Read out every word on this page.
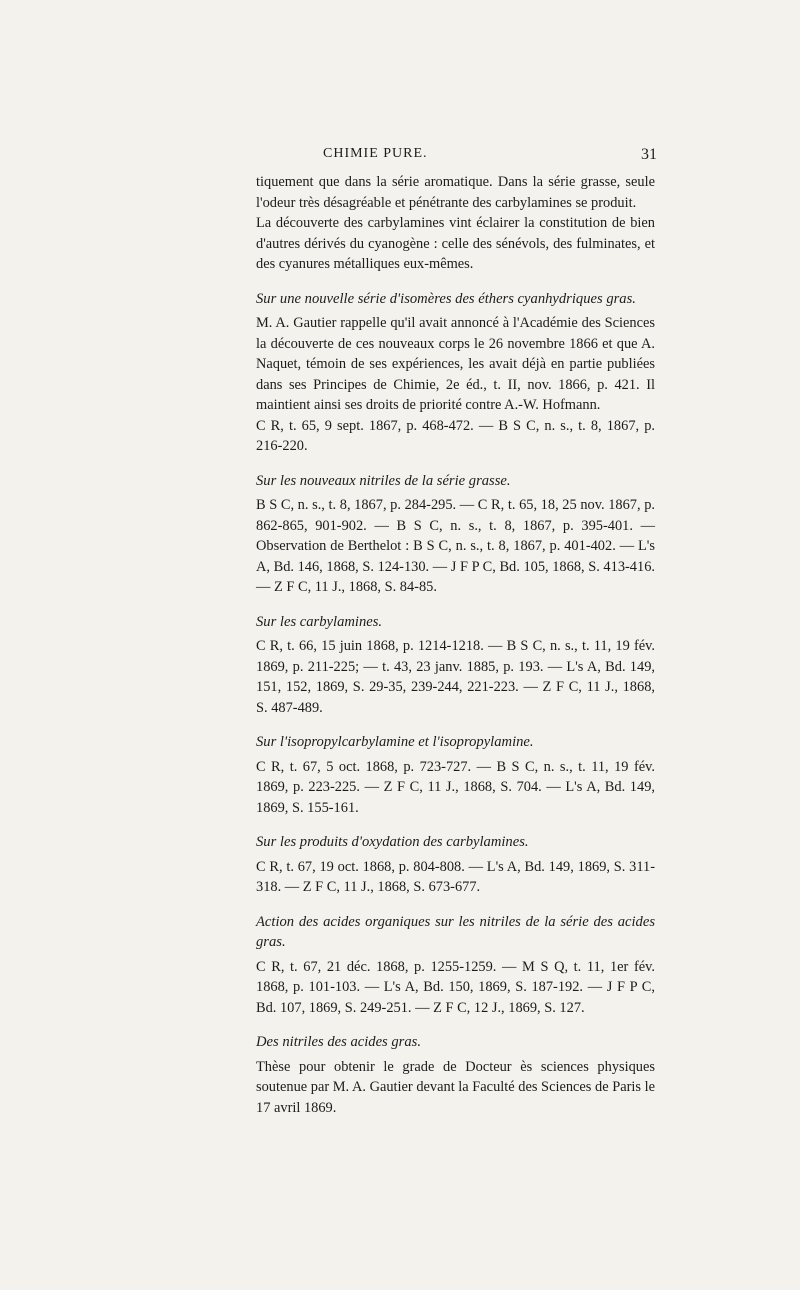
CHIMIE PURE.	31

tiquement que dans la série aromatique. Dans la série grasse, seule l'odeur très désagréable et pénétrante des carbylamines se produit.

La découverte des carbylamines vint éclairer la constitution de bien d'autres dérivés du cyanogène : celle des sénévols, des fulminates, et des cyanures métalliques eux-mêmes.

Sur une nouvelle série d'isomères des éthers cyanhydriques gras.

M. A. Gautier rappelle qu'il avait annoncé à l'Académie des Sciences la découverte de ces nouveaux corps le 26 novembre 1866 et que A. Naquet, témoin de ses expériences, les avait déjà en partie publiées dans ses Principes de Chimie, 2e éd., t. II, nov. 1866, p. 421. Il maintient ainsi ses droits de priorité contre A.-W. Hofmann.

C R, t. 65, 9 sept. 1867, p. 468-472. — B S C, n. s., t. 8, 1867, p. 216-220.

Sur les nouveaux nitriles de la série grasse.

B S C, n. s., t. 8, 1867, p. 284-295. — C R, t. 65, 18, 25 nov. 1867, p. 862-865, 901-902. — B S C, n. s., t. 8, 1867, p. 395-401. — Observation de Berthelot : B S C, n. s., t. 8, 1867, p. 401-402. — L's A, Bd. 146, 1868, S. 124-130. — J F P C, Bd. 105, 1868, S. 413-416. — Z F C, 11 J., 1868, S. 84-85.

Sur les carbylamines.

C R, t. 66, 15 juin 1868, p. 1214-1218. — B S C, n. s., t. 11, 19 fév. 1869, p. 211-225; — t. 43, 23 janv. 1885, p. 193. — L's A, Bd. 149, 151, 152, 1869, S. 29-35, 239-244, 221-223. — Z F C, 11 J., 1868, S. 487-489.

Sur l'isopropylcarbylamine et l'isopropylamine.

C R, t. 67, 5 oct. 1868, p. 723-727. — B S C, n. s., t. 11, 19 fév. 1869, p. 223-225. — Z F C, 11 J., 1868, S. 704. — L's A, Bd. 149, 1869, S. 155-161.

Sur les produits d'oxydation des carbylamines.

C R, t. 67, 19 oct. 1868, p. 804-808. — L's A, Bd. 149, 1869, S. 311-318. — Z F C, 11 J., 1868, S. 673-677.

Action des acides organiques sur les nitriles de la série des acides gras.

C R, t. 67, 21 déc. 1868, p. 1255-1259. — M S Q, t. 11, 1er fév. 1868, p. 101-103. — L's A, Bd. 150, 1869, S. 187-192. — J F P C, Bd. 107, 1869, S. 249-251. — Z F C, 12 J., 1869, S. 127.

Des nitriles des acides gras.

Thèse pour obtenir le grade de Docteur ès sciences physiques soutenue par M. A. Gautier devant la Faculté des Sciences de Paris le 17 avril 1869.
